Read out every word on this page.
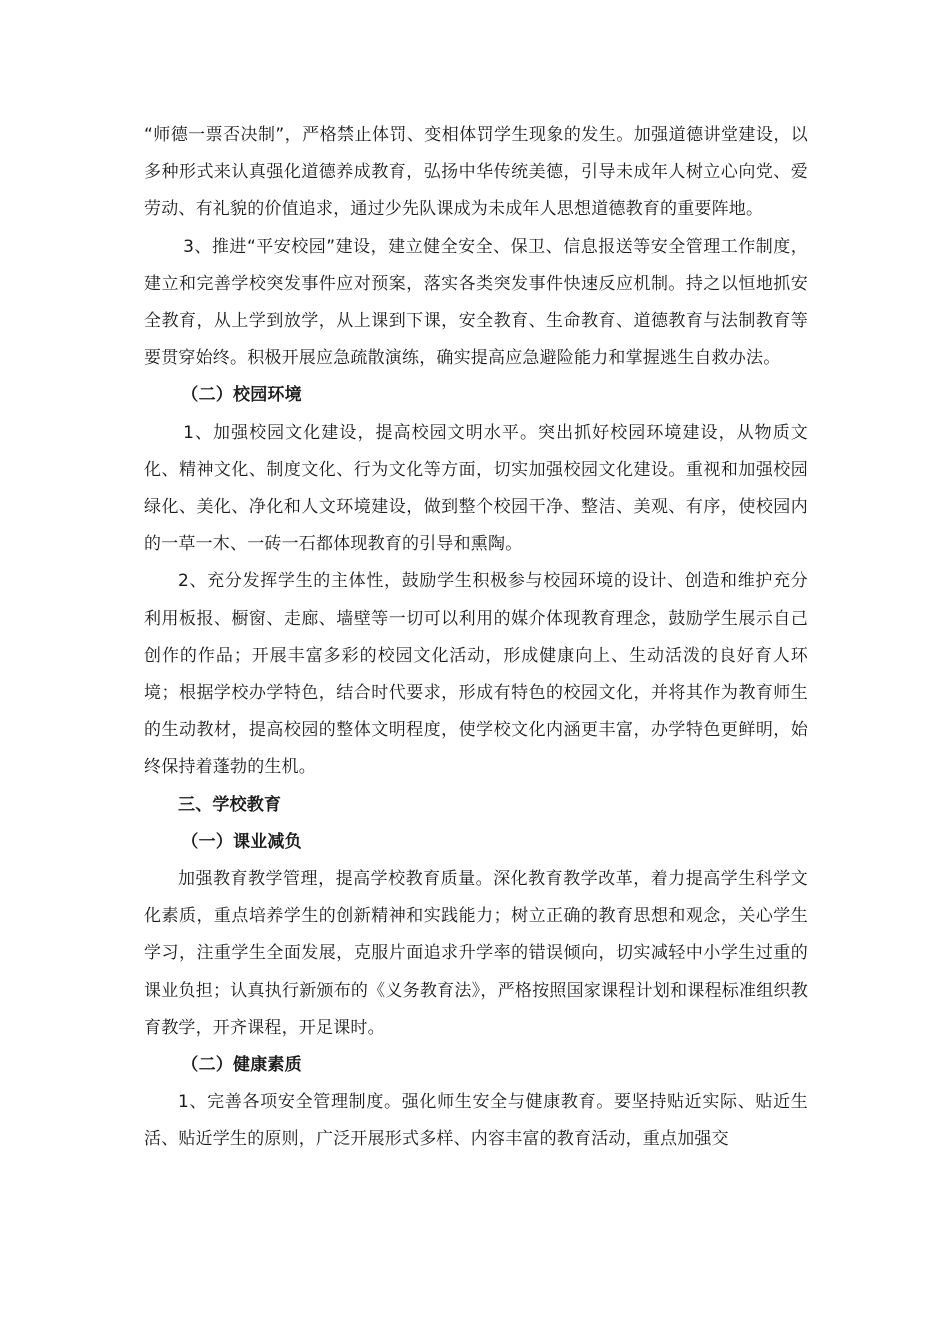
“师德一票否决制”，严格禁止体罚、变相体罚学生现象的发生。加强道德讲堂建设，以多种形式来认真强化道德养成教育，弘扬中华传统美德，引导未成年人树立心向党、爱劳动、有礼貌的价值追求，通过少先队课成为未成年人思想道德教育的重要阵地。

3、推进“平安校园”建设，建立健全安全、保卫、信息报送等安全管理工作制度，建立和完善学校突发事件应对预案，落实各类突发事件快速反应机制。持之以恒地抓安全教育，从上学到放学，从上课到下课，安全教育、生命教育、道德教育与法制教育等要贯穿始终。积极开展应急疏散演练，确实提高应急避险能力和掌握逃生自救办法。

（二）校园环境

1、加强校园文化建设，提高校园文明水平。突出抓好校园环境建设，从物质文化、精神文化、制度文化、行为文化等方面，切实加强校园文化建设。重视和加强校园绿化、美化、净化和人文环境建设，做到整个校园干净、整洁、美观、有序，使校园内的一草一木、一砖一石都体现教育的引导和熏陶。

2、充分发挥学生的主体性，鼓励学生积极参与校园环境的设计、创造和维护充分利用板报、橱窗、走廊、墙壁等一切可以利用的媒介体现教育理念，鼓励学生展示自己创作的作品；开展丰富多彩的校园文化活动，形成健康向上、生动活泼的良好育人环境；根据学校办学特色，结合时代要求，形成有特色的校园文化，并将其作为教育师生的生动教材，提高校园的整体文明程度，使学校文化内涵更丰富，办学特色更鲜明，始终保持着蓬勃的生机。

三、学校教育

（一）课业减负

加强教育教学管理，提高学校教育质量。深化教育教学改革，着力提高学生科学文化素质，重点培养学生的创新精神和实践能力；树立正确的教育思想和观念，关心学生学习，注重学生全面发展，克服片面追求升学率的错误倾向，切实减轻中小学生过重的课业负担；认真执行新颁布的《义务教育法》，严格按照国家课程计划和课程标准组织教育教学，开齐课程，开足课时。

（二）健康素质

1、完善各项安全管理制度。强化师生安全与健康教育。要坚持贴近实际、贴近生活、贴近学生的原则，广泛开展形式多样、内容丰富的教育活动，重点加强交
